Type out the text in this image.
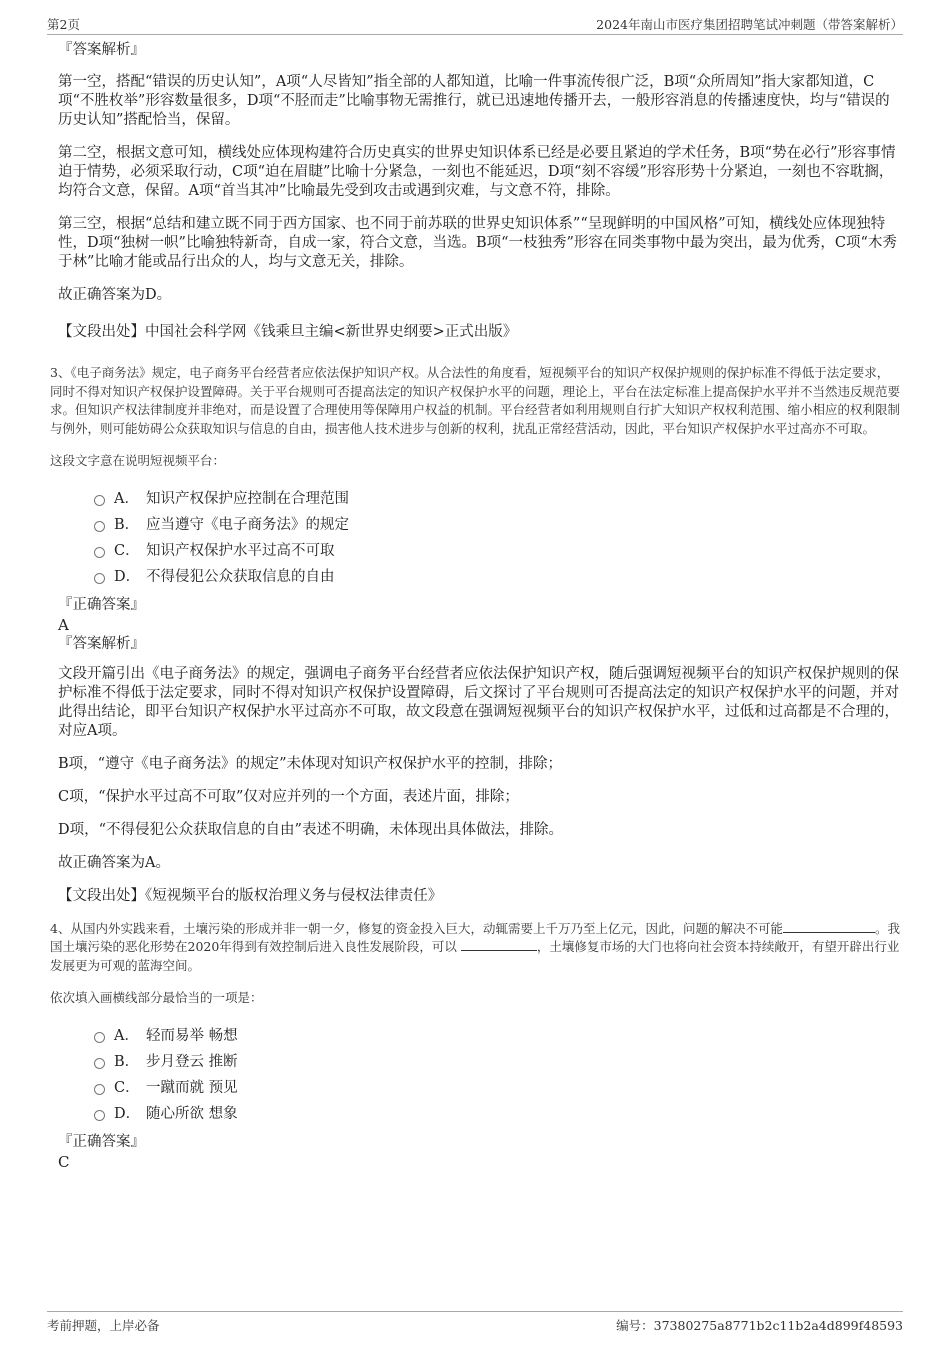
第2页	2024年南山市医疗集团招聘笔试冲刺题（带答案解析）

『答案解析』

第一空，搭配“错误的历史认知”，A项“人尽皆知”指全部的人都知道，比喻一件事流传很广泛，B项“众所周知”指大家都知道，C项“不胜枚举”形容数量很多，D项“不胫而走”比喻事物无需推行，就已迅速地传播开去，一般形容消息的传播速度快，均与“错误的历史认知”搭配恰当，保留。

第二空，根据文意可知，横线处应体现构建符合历史真实的世界史知识体系已经是必要且紧迫的学术任务，B项“势在必行”形容事情迫于情势，必须采取行动，C项“迫在眉睫”比喻十分紧急，一刻也不能延迟，D项“刻不容缓”形容形势十分紧迫，一刻也不容耽搁，均符合文意，保留。A项“首当其冲”比喻最先受到攻击或遇到灾难，与文意不符，排除。

第三空，根据“总结和建立既不同于西方国家、也不同于前苏联的世界史知识体系”“呈现鲜明的中国风格”可知，横线处应体现独特性，D项“独树一帜”比喻独特新奇，自成一家，符合文意，当选。B项“一枝独秀”形容在同类事物中最为突出，最为优秀，C项“木秀于林”比喻才能或品行出众的人，均与文意无关，排除。

故正确答案为D。

【文段出处】中国社会科学网《钱乘旦主编<新世界史纲要>正式出版》

3、《电子商务法》规定，电子商务平台经营者应依法保护知识产权。从合法性的角度看，短视频平台的知识产权保护规则的保护标准不得低于法定要求，同时不得对知识产权保护设置障碍。关于平台规则可否提高法定的知识产权保护水平的问题，理论上，平台在法定标准上提高保护水平并不当然违反规范要求。但知识产权法律制度并非绝对，而是设置了合理使用等保障用户权益的机制。平台经营者如利用规则自行扩大知识产权权利范围、缩小相应的权利限制与例外，则可能妨碍公众获取知识与信息的自由，损害他人技术进步与创新的权利，扰乱正常经营活动，因此，平台知识产权保护水平过高亦不可取。

这段文字意在说明短视频平台：

A． 知识产权保护应控制在合理范围
B． 应当遵守《电子商务法》的规定
C． 知识产权保护水平过高不可取
D． 不得侵犯公众获取信息的自由

『正确答案』

A

『答案解析』

文段开篇引出《电子商务法》的规定，强调电子商务平台经营者应依法保护知识产权，随后强调短视频平台的知识产权保护规则的保护标准不得低于法定要求，同时不得对知识产权保护设置障碍，后文探讨了平台规则可否提高法定的知识产权保护水平的问题，并对此得出结论，即平台知识产权保护水平过高亦不可取，故文段意在强调短视频平台的知识产权保护水平，过低和过高都是不合理的，对应A项。

B项，“遵守《电子商务法》的规定”未体现对知识产权保护水平的控制，排除；

C项，“保护水平过高不可取”仅对应并列的一个方面，表述片面，排除；

D项，“不得侵犯公众获取信息的自由”表述不明确，未体现出具体做法，排除。

故正确答案为A。

【文段出处】《短视频平台的版权治理义务与侵权法律责任》

4、从国内外实践来看，土壤污染的形成并非一朝一夕，修复的资金投入巨大，动辄需要上千万乃至上亿元，因此，问题的解决不可能	。我国土壤污染的恶化形势在2020年得到有效控制后进入良性发展阶段，可以	，土壤修复市场的大门也将向社会资本持续敞开，有望开辟出行业发展更为可观的蓝海空间。

依次填入画横线部分最恰当的一项是：

A． 轻而易举 畅想
B． 步月登云 推断
C． 一蹴而就 预见
D． 随心所欲 想象

『正确答案』

C

考前押题，上岸必备	编号：37380275a8771b2c11b2a4d899f48593
